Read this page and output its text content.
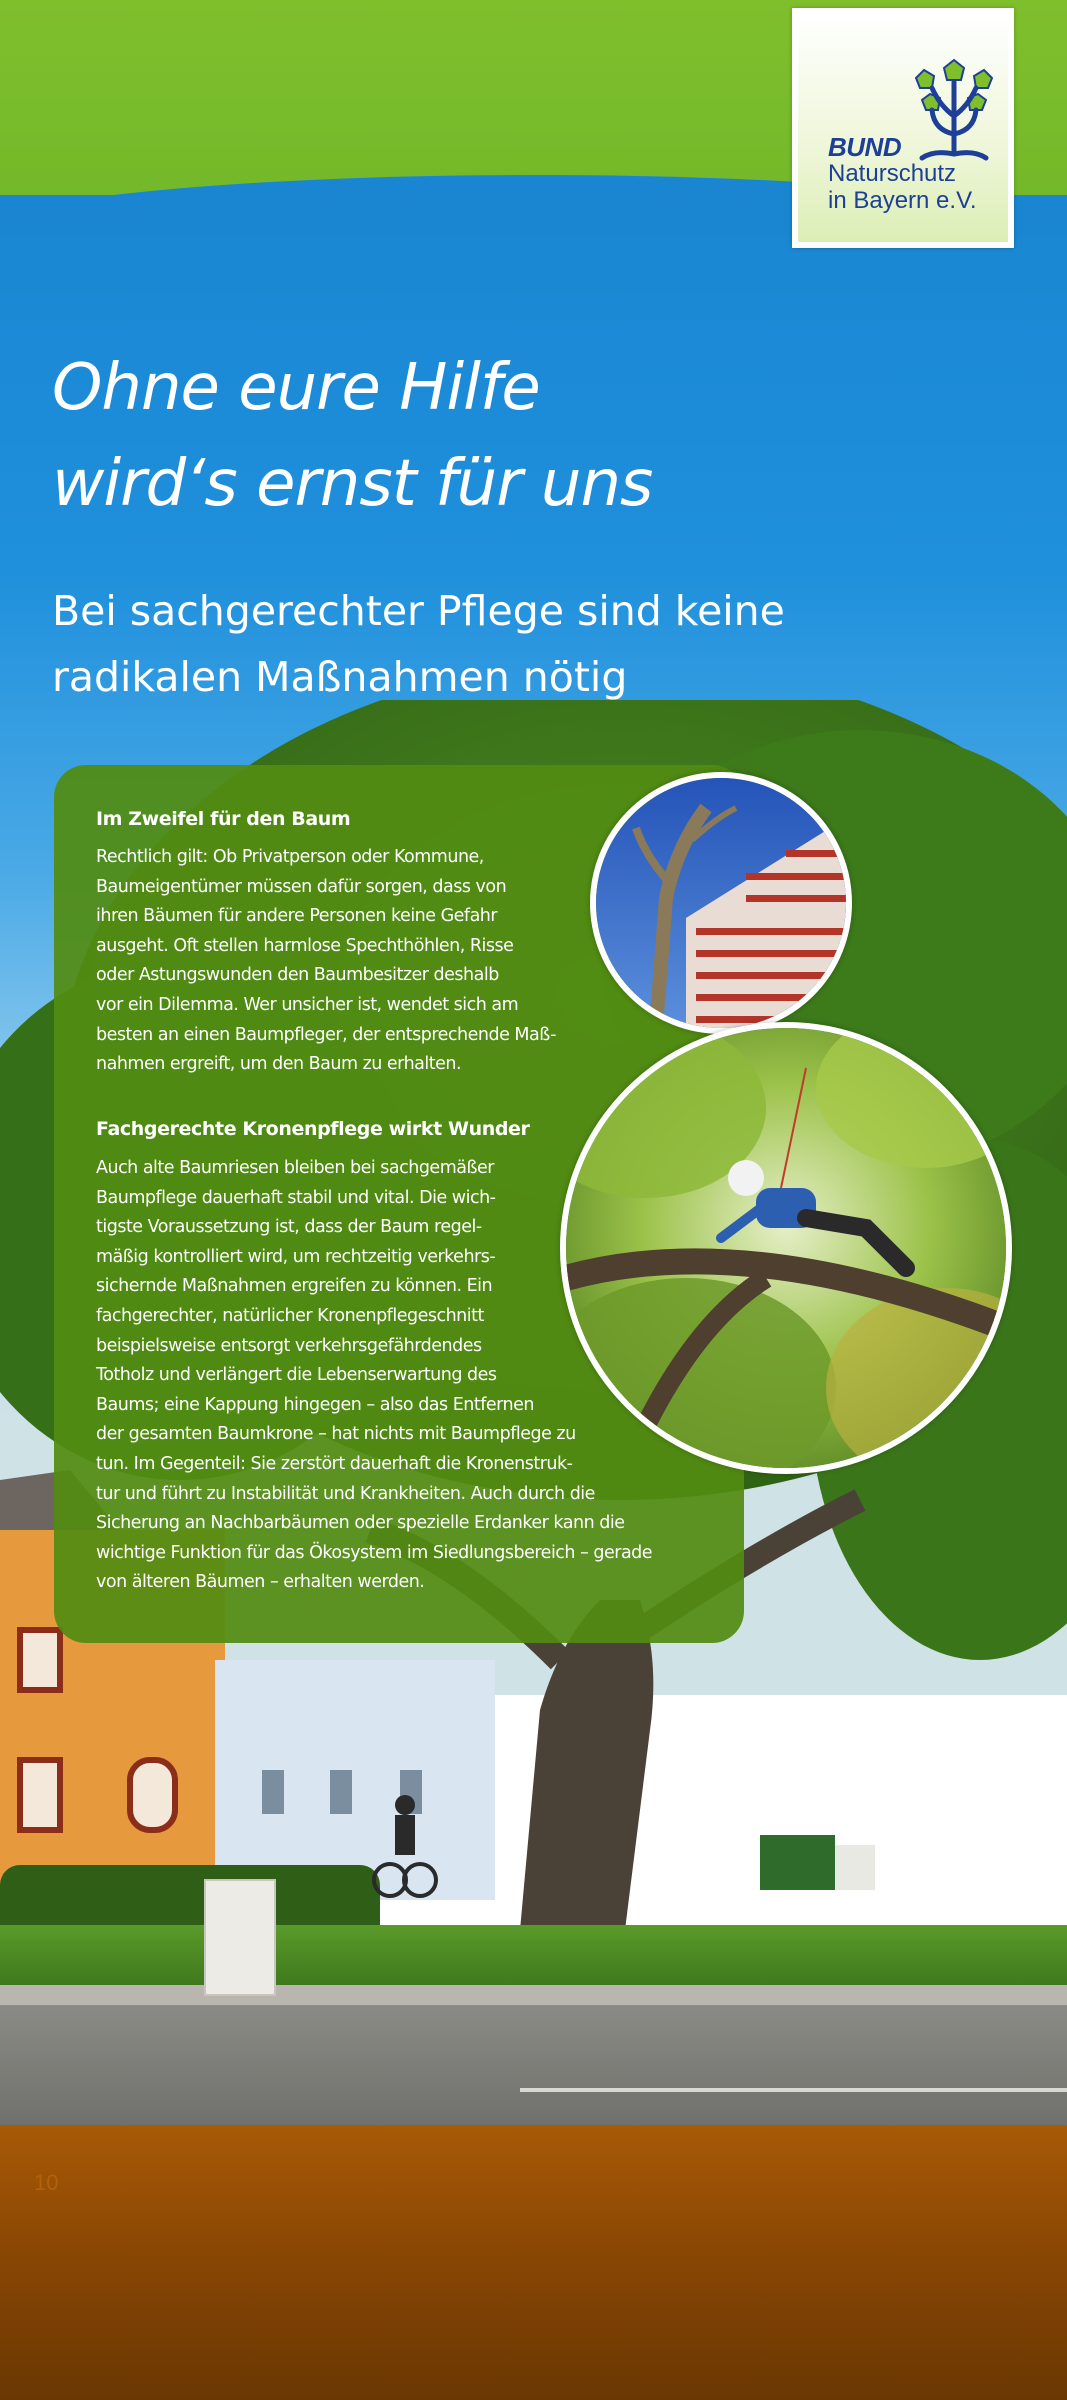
BUND
Naturschutz
in Bayern e.V.
Ohne eure Hilfe
wird‘s ernst für uns
Bei sachgerechter Pflege sind keine
radikalen Maßnahmen nötig
Im Zweifel für den Baum

Rechtlich gilt: Ob Privatperson oder Kommune,
Baumeigentümer müssen dafür sorgen, dass von
ihren Bäumen für andere Personen keine Gefahr
ausgeht. Oft stellen harmlose Spechthöhlen, Risse
oder Astungswunden den Baumbesitzer deshalb
vor ein Dilemma. Wer unsicher ist, wendet sich am
besten an einen Baumpfleger, der entsprechende Maß-
nahmen ergreift, um den Baum zu erhalten.

Fachgerechte Kronenpflege wirkt Wunder

Auch alte Baumriesen bleiben bei sachgemäßer
Baumpflege dauerhaft stabil und vital. Die wich-
tigste Voraussetzung ist, dass der Baum regel-
mäßig kontrolliert wird, um rechtzeitig verkehrs-
sichernde Maßnahmen ergreifen zu können. Ein
fachgerechter, natürlicher Kronenpflegeschnitt
beispielsweise entsorgt verkehrsgefährdendes
Totholz und verlängert die Lebenserwartung des
Baums; eine Kappung hingegen – also das Entfernen
der gesamten Baumkrone – hat nichts mit Baumpflege zu
tun. Im Gegenteil: Sie zerstört dauerhaft die Kronenstruk-
tur und führt zu Instabilität und Krankheiten. Auch durch die
Sicherung an Nachbarbäumen oder spezielle Erdanker kann die
wichtige Funktion für das Ökosystem im Siedlungsbereich – gerade
von älteren Bäumen – erhalten werden.

10
